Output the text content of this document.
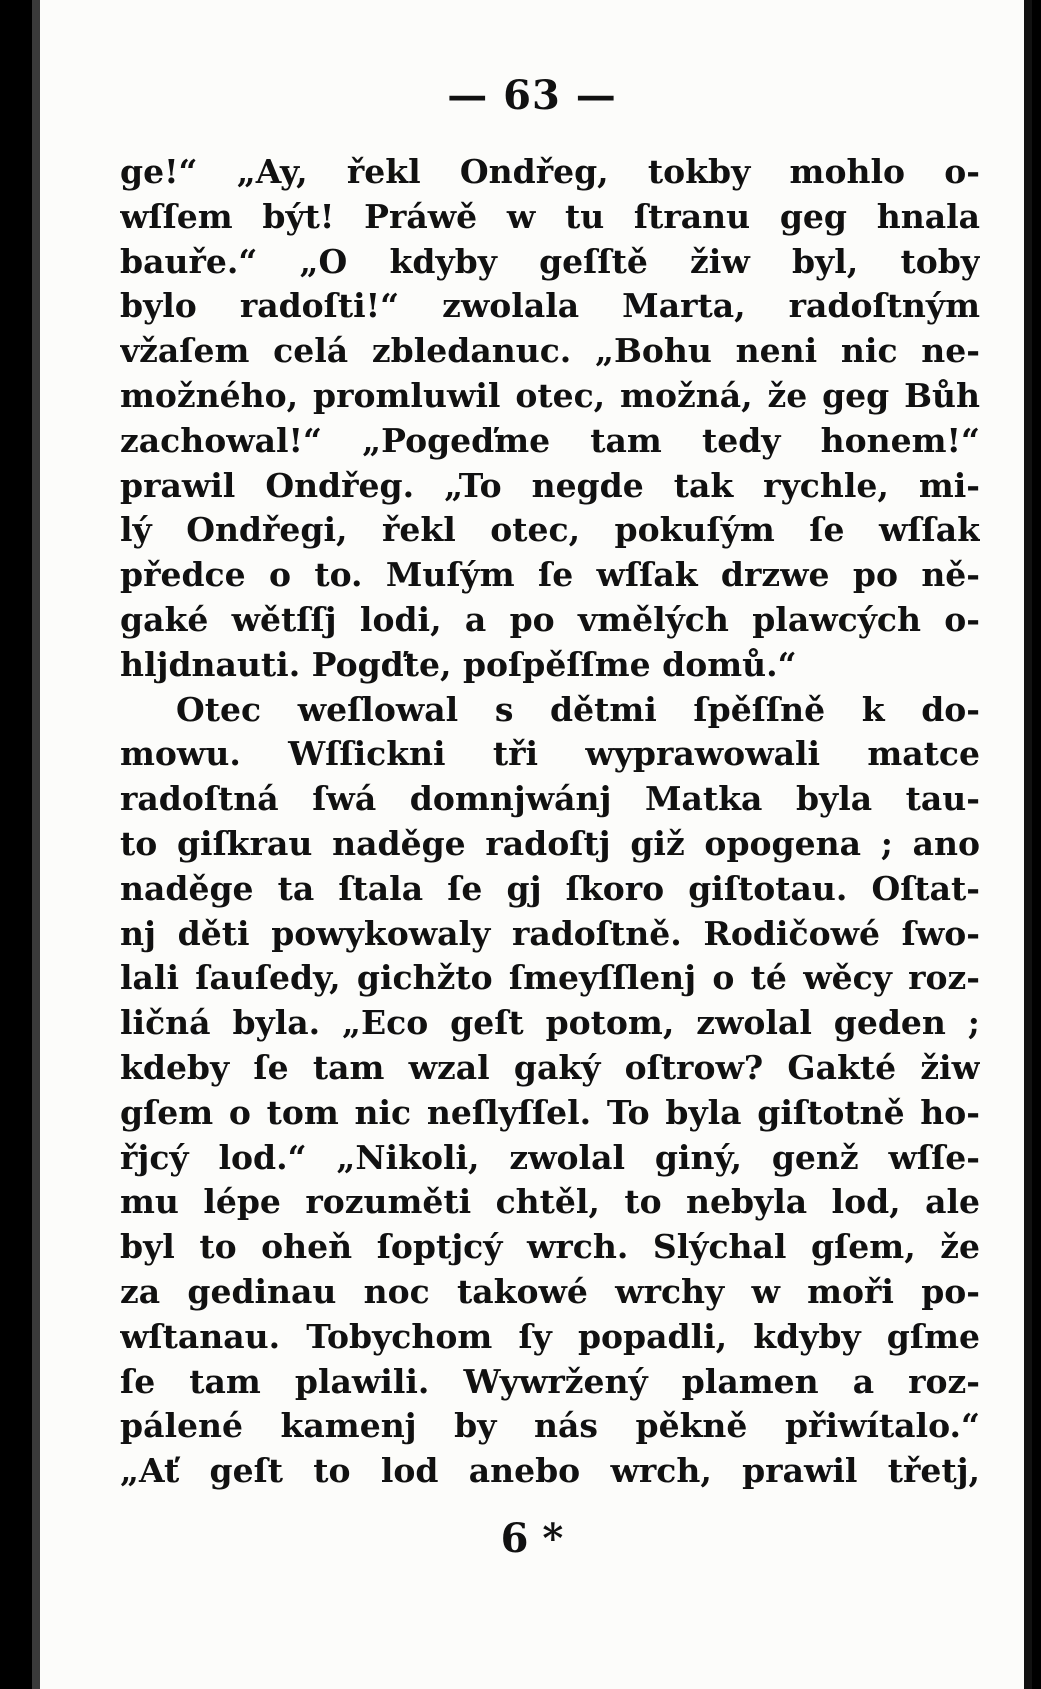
— 63 —
ge!“ „Ay, řekl Ondřeg, tokby mohlo o-
wſſem být! Práwě w tu ſtranu geg hnala
bauře.“ „O kdyby geſſtě žiw byl, toby
bylo radoſti!“ zwolala Marta, radoſtným
vžaſem celá zbledanuc. „Bohu neni nic ne-
možného, promluwil otec, možná, že geg Bůh
zachowal!“ „Pogeďme tam tedy honem!“
prawil Ondřeg. „To negde tak rychle, mi-
lý Ondřegi, řekl otec, pokuſým ſe wſſak
předce o to. Muſým ſe wſſak drzwe po ně-
gaké wětſſj lodi, a po vmělých plawcých o-
hljdnauti. Pogďte, poſpěſſme domů.“
Otec weſlowal s dětmi ſpěſſně k do-
mowu. Wſſickni tři wyprawowali matce
radoſtná ſwá domnjwánj Matka byla tau-
to giſkrau naděge radoſtj giž opogena ; ano
naděge ta ſtala ſe gj ſkoro giſtotau. Oſtat-
nj děti powykowaly radoſtně. Rodičowé ſwo-
lali ſauſedy, gichžto ſmeyſſlenj o té wěcy roz-
ličná byla. „Eco geſt potom, zwolal geden ;
kdeby ſe tam wzal gaký oſtrow? Gakté žiw
gſem o tom nic neſlyſſel. To byla giſtotně ho-
řjcý lod.“ „Nikoli, zwolal giný, genž wſſe-
mu lépe rozuměti chtěl, to nebyla lod, ale
byl to oheň ſoptjcý wrch. Slýchal gſem, že
za gedinau noc takowé wrchy w moři po-
wſtanau. Tobychom ſy popadli, kdyby gſme
ſe tam plawili. Wywržený plamen a roz-
pálené kamenj by nás pěkně přiwítalo.“
„Ať geſt to lod anebo wrch, prawil třetj,
6 *
